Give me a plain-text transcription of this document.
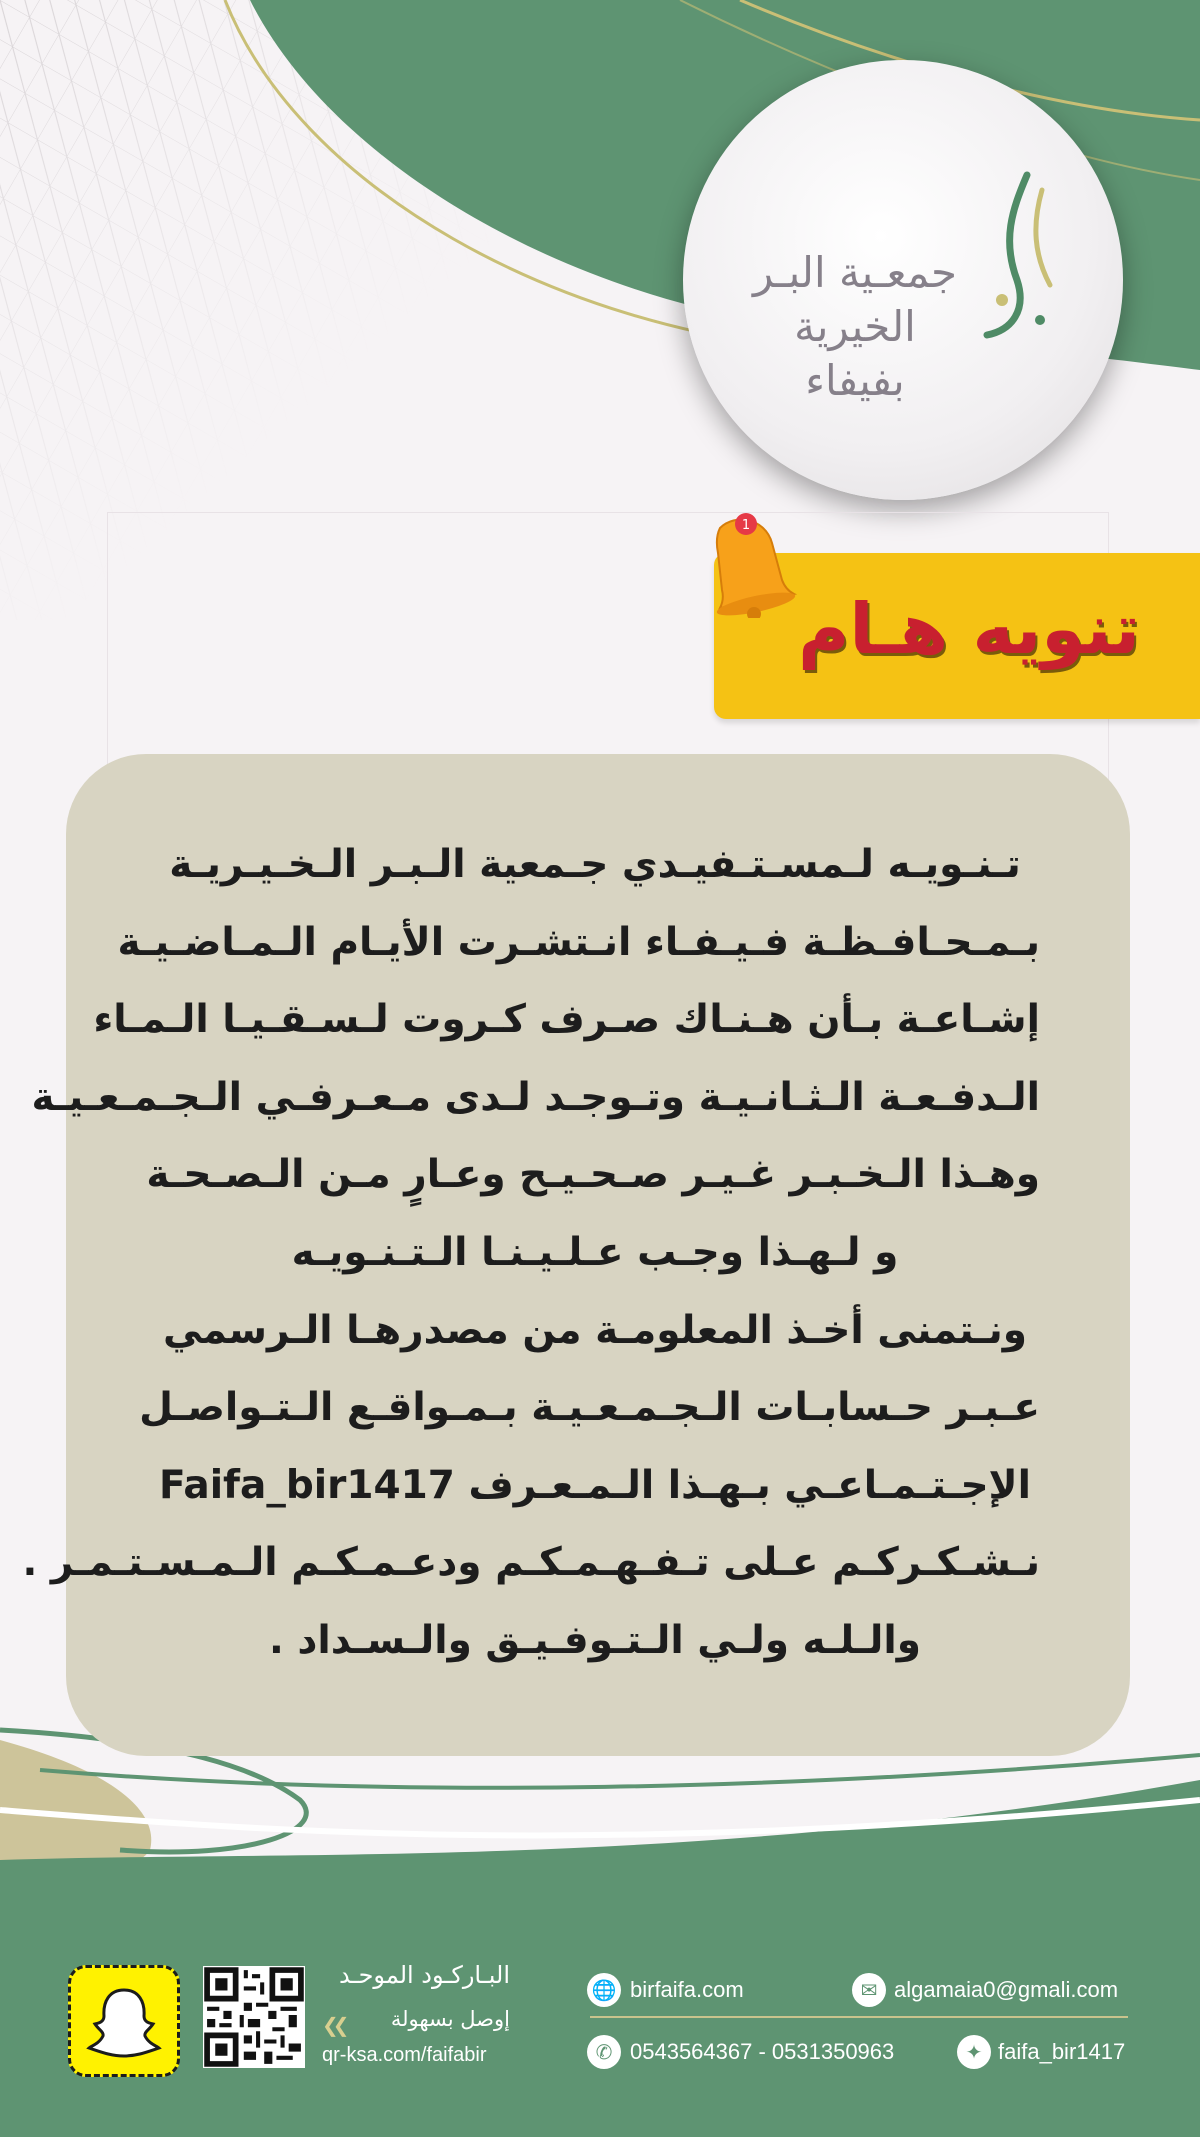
جمعـية البـر
الخيرية بفيفاء
تنويه هـام
1
تـنـويـه لـمسـتـفيـدي جـمعية الـبـر الـخـيـريـة
بـمـحـافـظـة فـيـفـاء انـتشـرت الأيـام الـمـاضـيـة
إشـاعـة بـأن هـنـاك صـرف كـروت لـسـقـيـا الـمـاء
الـدفـعـة الـثـانـيـة وتـوجـد لـدى مـعـرفـي الـجـمـعـيـة
وهـذا الـخـبـر غـيـر صـحـيـح وعـارٍ مـن الـصـحـة
و لـهـذا وجـب عـلـيـنـا الـتـنـويـه
ونـتمنى أخـذ المعلومـة من مصدرهـا الـرسمي
عـبـر حـسابـات الـجـمـعـيـة بـمـواقـع الـتـواصـل
الإجـتـمـاعـي بـهـذا الـمـعـرف Faifa_bir1417
نـشـكـركـم عـلى تـفـهـمـكـم ودعـمـكـم الـمـسـتـمـر .
والـلـه ولـي الـتـوفـيـق والـسـداد .
البـاركـود الموحـد
❮❮	إوصل بسهولة
qr-ksa.com/faifabir
🌐 birfaifa.com	✉ algamaia0@gmali.com
✆ 0543564367 - 0531350963	✦ faifa_bir1417
